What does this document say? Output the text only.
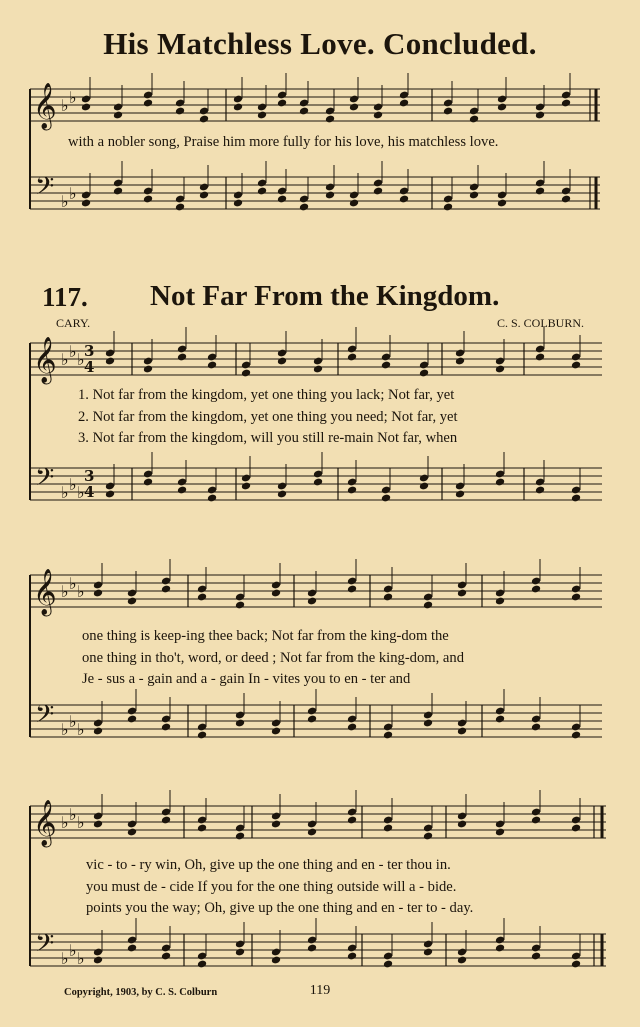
His Matchless Love. Concluded.
𝄞
𝄢
♭
♭
♭
♭
𝄞
𝄢
♭
♭
♭
♭
♭
♭
3
4
3
4
𝄞
𝄢
♭
♭
♭
♭
♭
♭
𝄞
𝄢
♭
♭
♭
♭
♭
♭
with a nobler song, Praise him more fully for his love, his matchless love.
117. Not Far From the Kingdom.
CARY.	C. S. COLBURN.
1. Not far from the kingdom, yet one thing you lack; Not far, yet
2. Not far from the kingdom, yet one thing you need; Not far, yet
3. Not far from the kingdom, will you still re-main Not far, when
one thing is keep-ing thee back; Not far from the king-dom the
one thing in tho't, word, or deed ; Not far from the king-dom, and
Je - sus a - gain and a - gain In - vites you to en - ter and
vic - to - ry win, Oh, give up the one thing and en - ter thou in.
you must de - cide If you for the one thing outside will a - bide.
points you the way; Oh, give up the one thing and en - ter to - day.
Copyright, 1903, by C. S. Colburn	119
